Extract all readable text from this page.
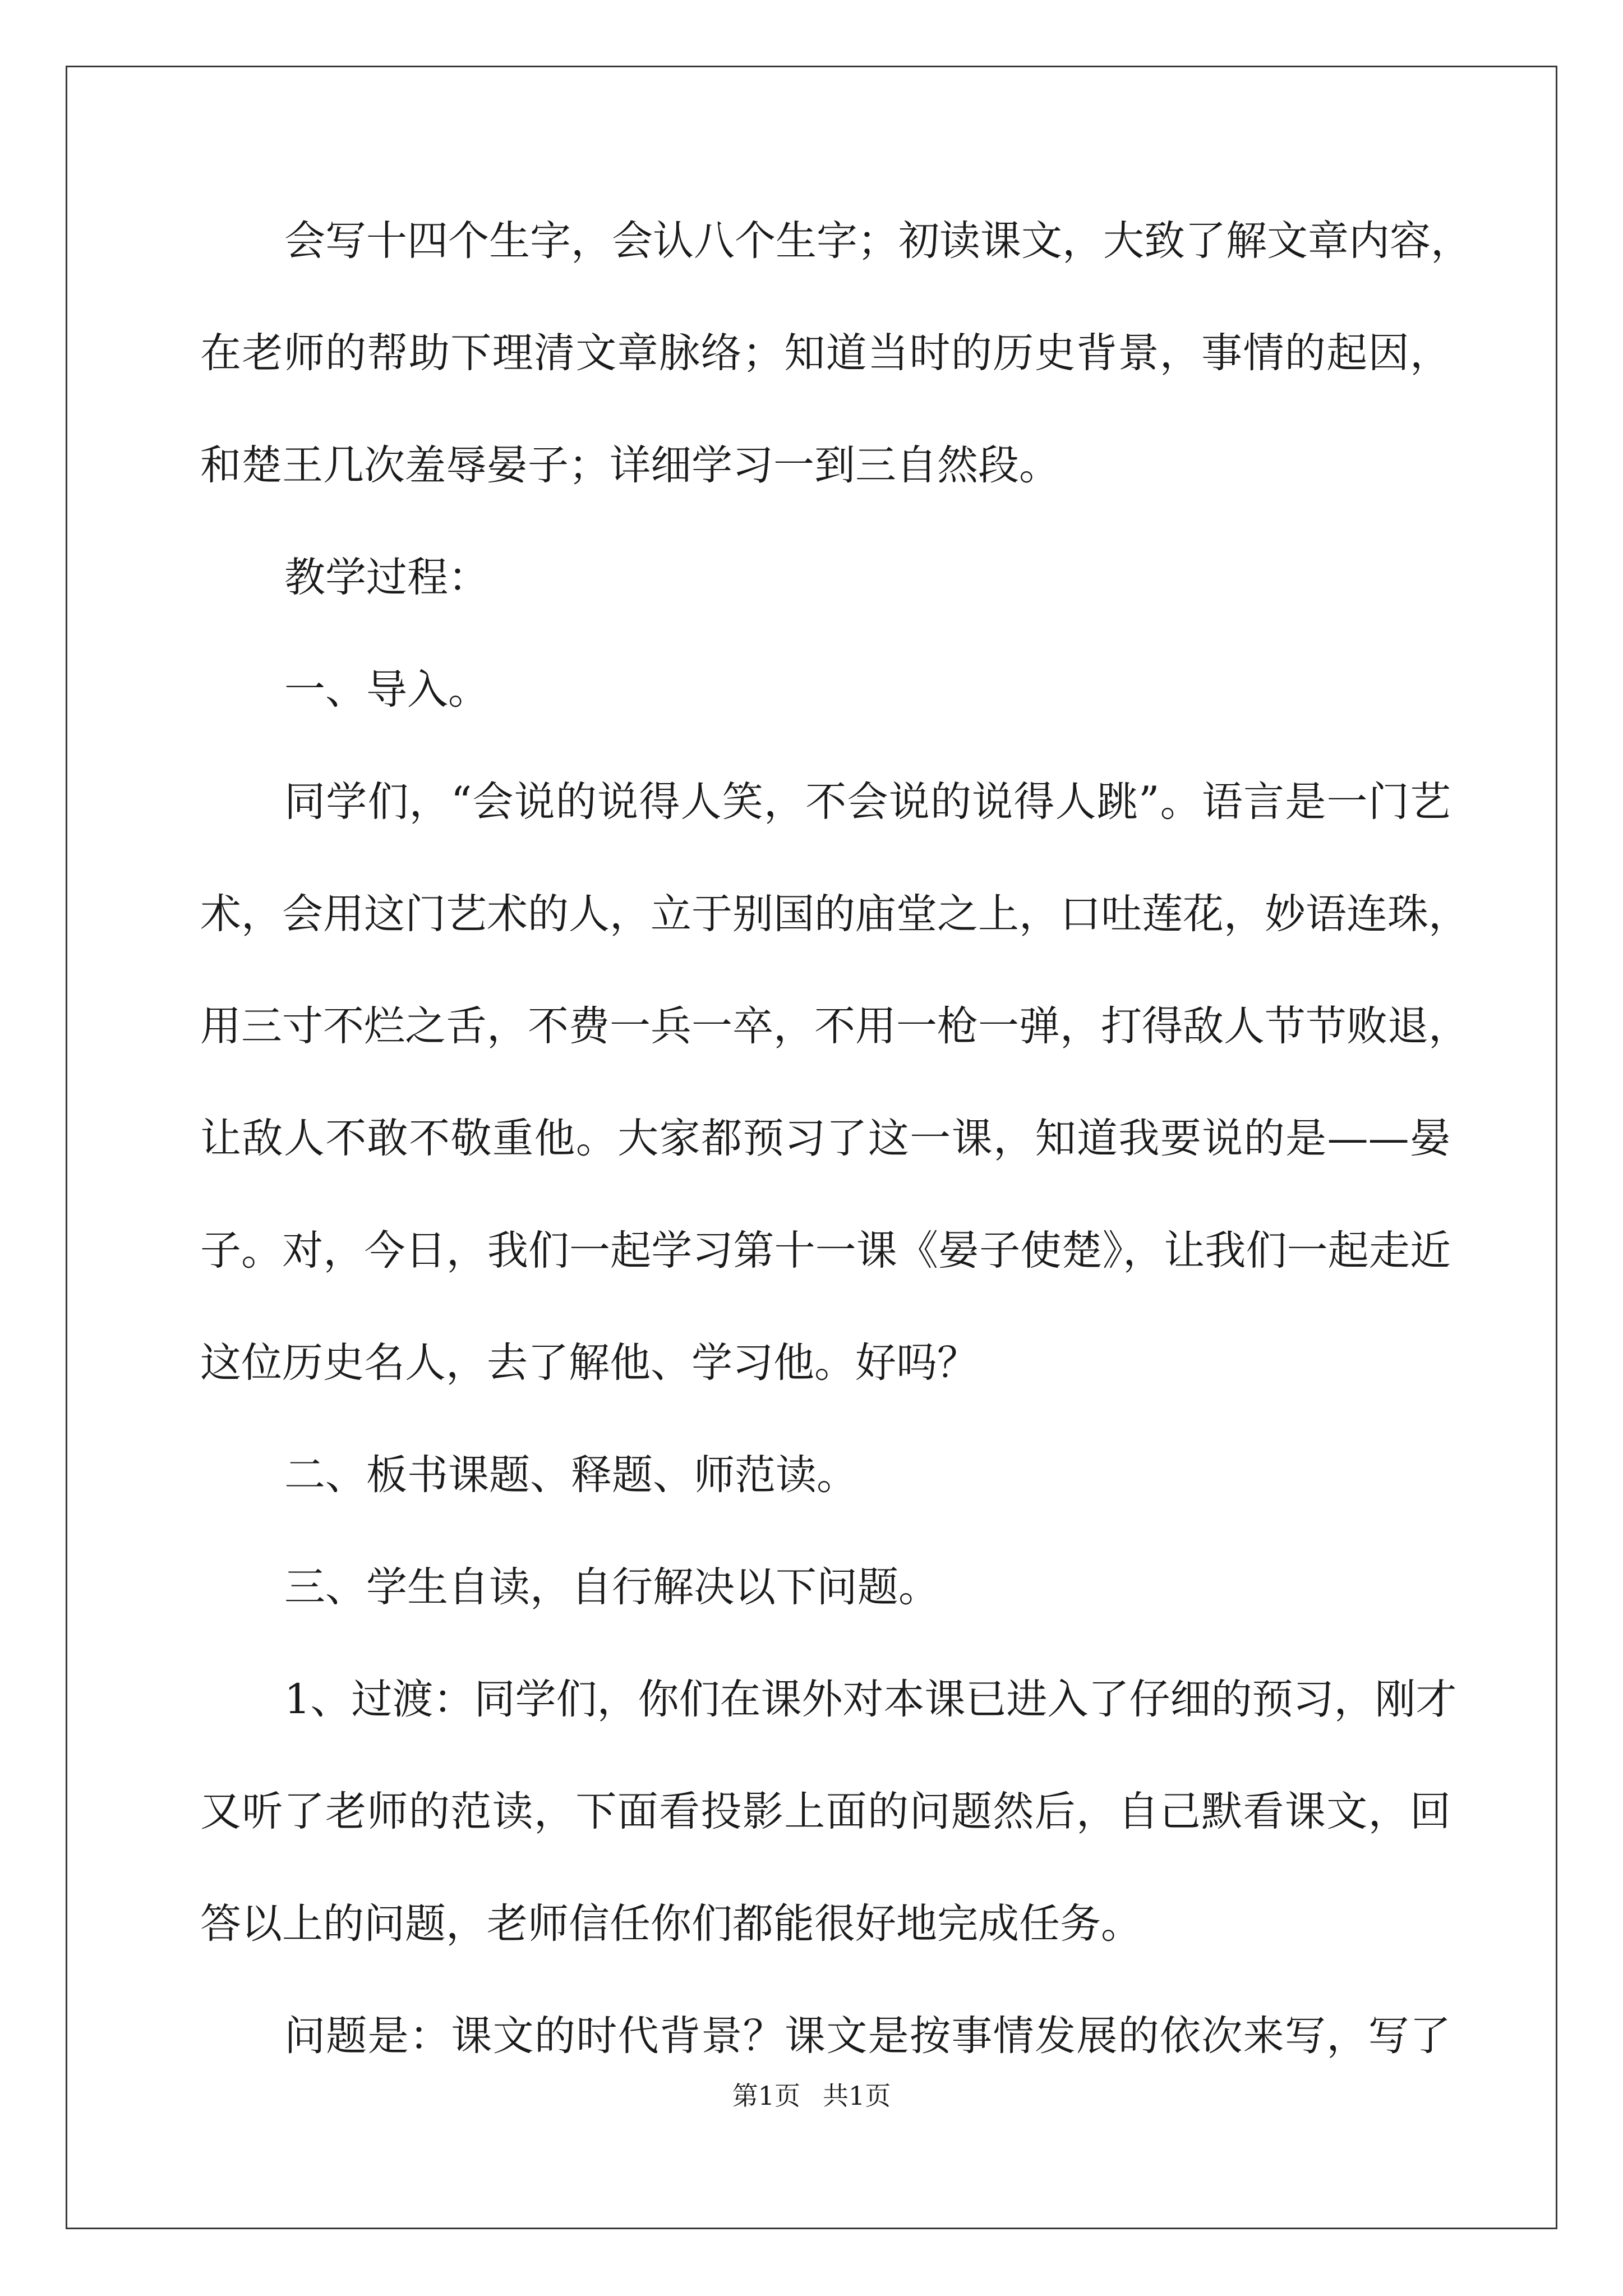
会写十四个生字，会认八个生字；初读课文，大致了解文章内容，
在老师的帮助下理清文章脉络；知道当时的历史背景，事情的起因，
和楚王几次羞辱晏子；详细学习一到三自然段。
教学过程：
一、导入。
同学们，“会说的说得人笑，不会说的说得人跳”。语言是一门艺
术，会用这门艺术的人，立于别国的庙堂之上，口吐莲花，妙语连珠，
用三寸不烂之舌，不费一兵一卒，不用一枪一弹，打得敌人节节败退，
让敌人不敢不敬重他。大家都预习了这一课，知道我要说的是——晏
子。对，今日，我们一起学习第十一课《晏子使楚》，让我们一起走近
这位历史名人，去了解他、学习他。好吗？
二、板书课题、释题、师范读。
三、学生自读，自行解决以下问题。
1、过渡：同学们，你们在课外对本课已进入了仔细的预习，刚才
又听了老师的范读，下面看投影上面的问题然后，自己默看课文，回
答以上的问题，老师信任你们都能很好地完成任务。
问题是：课文的时代背景？课文是按事情发展的依次来写，写了
第1页 共1页
